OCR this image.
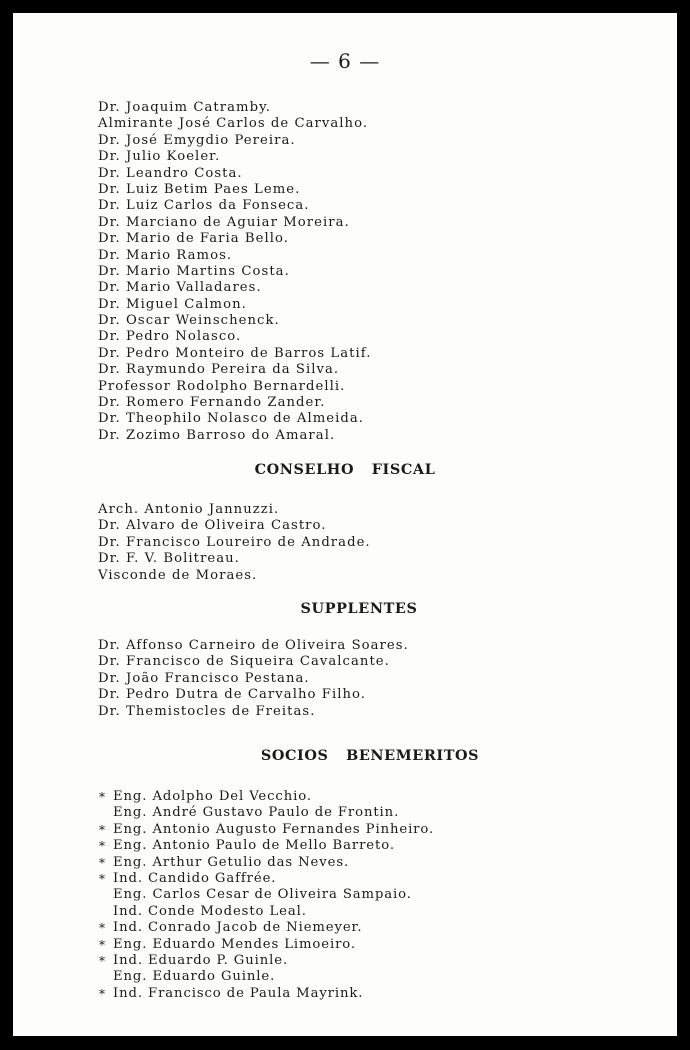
— 6 —
Dr. Joaquim Catramby.
Almirante José Carlos de Carvalho.
Dr. José Emygdio Pereira.
Dr. Julio Koeler.
Dr. Leandro Costa.
Dr. Luiz Betim Paes Leme.
Dr. Luiz Carlos da Fonseca.
Dr. Marciano de Aguiar Moreira.
Dr. Mario de Faria Bello.
Dr. Mario Ramos.
Dr. Mario Martins Costa.
Dr. Mario Valladares.
Dr. Miguel Calmon.
Dr. Oscar Weinschenck.
Dr. Pedro Nolasco.
Dr. Pedro Monteiro de Barros Latif.
Dr. Raymundo Pereira da Silva.
Professor Rodolpho Bernardelli.
Dr. Romero Fernando Zander.
Dr. Theophilo Nolasco de Almeida.
Dr. Zozimo Barroso do Amaral.
CONSELHO FISCAL
Arch. Antonio Jannuzzi.
Dr. Alvaro de Oliveira Castro.
Dr. Francisco Loureiro de Andrade.
Dr. F. V. Bolitreau.
Visconde de Moraes.
SUPPLENTES
Dr. Affonso Carneiro de Oliveira Soares.
Dr. Francisco de Siqueira Cavalcante.
Dr. João Francisco Pestana.
Dr. Pedro Dutra de Carvalho Filho.
Dr. Themistocles de Freitas.
SOCIOS BENEMERITOS
* Eng. Adolpho Del Vecchio.
Eng. André Gustavo Paulo de Frontin.
* Eng. Antonio Augusto Fernandes Pinheiro.
* Eng. Antonio Paulo de Mello Barreto.
* Eng. Arthur Getulio das Neves.
* Ind. Candido Gaffrée.
Eng. Carlos Cesar de Oliveira Sampaio.
Ind. Conde Modesto Leal.
* Ind. Conrado Jacob de Niemeyer.
* Eng. Eduardo Mendes Limoeiro.
* Ind. Eduardo P. Guinle.
Eng. Eduardo Guinle.
* Ind. Francisco de Paula Mayrink.
